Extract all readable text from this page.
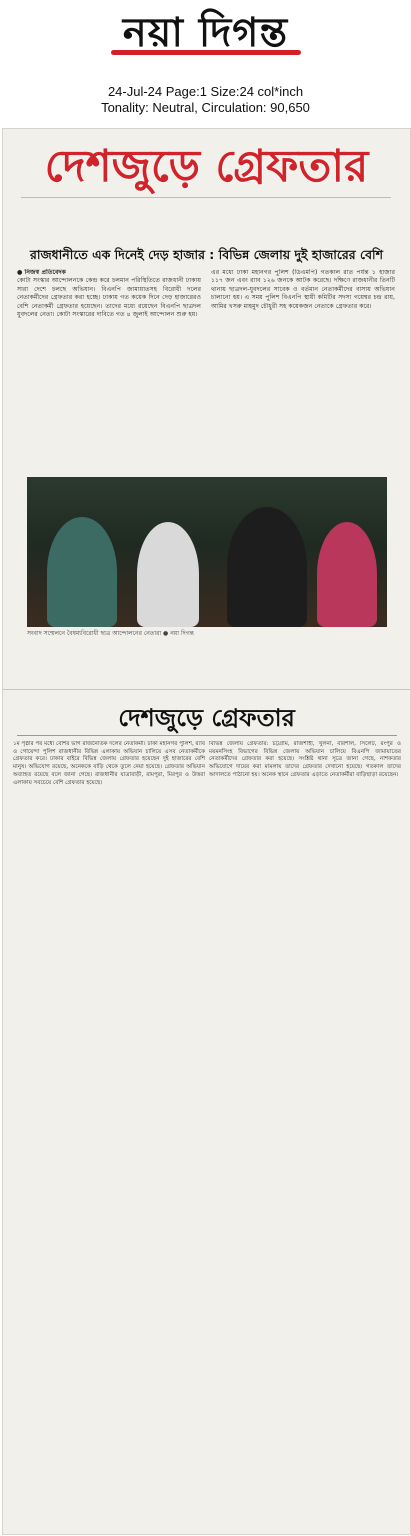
নয়া দিগন্ত
24-Jul-24 Page:1 Size:24 col*inch
Tonality: Neutral, Circulation: 90,650
দেশজুড়ে গ্রেফতার
রাজধানীতে এক দিনেই দেড় হাজার : বিভিন্ন জেলায় দুই হাজারের বেশি
● নিজস্ব প্রতিবেদক
কোটা সংস্কার আন্দোলনকে কেন্দ্র করে চলমান পরিস্থিতিতে রাজধানী ঢাকায় সারা দেশে চলছে অভিযান। বিএনপি জামায়াতসহ বিরোধী দলের নেতাকর্মীদের গ্রেফতার করা হচ্ছে। ঢাকায় গত কয়েক দিনে দেড় হাজারেরও বেশি নেতাকর্মী গ্রেফতার হয়েছেন। তাদের মধ্যে রয়েছেন বিএনপি ছাত্রদল যুবদলের নেতা। কোটা সংস্কারের দাবিতে গত ৪ জুলাই আন্দোলন শুরু হয়।
এর মধ্যে ঢাকা মহানগর পুলিশ (ডিএমপি) গতকাল রাত পর্যন্ত ১ হাজার ১১৭ জন এবং র‍্যাব ১২৬ জনকে আটক করেছে। দক্ষিণে রাজধানীর তিনটি থানায় ছাত্রদল-যুবদলের সাবেক ও বর্তমান নেতাকর্মীদের বাসায় অভিযান চালানো হয়। এ সময় পুলিশ বিএনপি স্থায়ী কমিটির সদস্য গয়েশ্বর চন্দ্র রায়, আমির খসরু মাহমুদ চৌধুরী সহ কয়েকজন নেতাকে গ্রেফতার করে।
সংবাদ সম্মেলনে বৈষম্যবিরোধী ছাত্র আন্দোলনের নেতারা ● নয়া দিগন্ত
দেশজুড়ে গ্রেফতার
১ম পৃষ্ঠার পর মধ্যে বেশির ভাগ রাজনৈতিক দলের নেতাকর্মী। ঢাকা মহানগর পুলিশ, র‍্যাব ও গোয়েন্দা পুলিশ রাজধানীর বিভিন্ন এলাকায় অভিযান চালিয়ে এসব নেতাকর্মীকে গ্রেফতার করে। ঢাকার বাইরে বিভিন্ন জেলায় গ্রেফতার হয়েছেন দুই হাজারের বেশি মানুষ। অভিযোগ রয়েছে, অনেককে বাড়ি থেকে তুলে নেয়া হয়েছে। গ্রেফতার অভিযান অব্যাহত রয়েছে বলে জানা গেছে। রাজধানীর যাত্রাবাড়ী, রামপুরা, মিরপুর ও উত্তরা এলাকায় সবচেয়ে বেশি গ্রেফতার হয়েছে।
বিভিন্ন জেলায় গ্রেফতার: চট্টগ্রাম, রাজশাহী, খুলনা, বরিশাল, সিলেট, রংপুর ও ময়মনসিংহ বিভাগের বিভিন্ন জেলায় অভিযান চালিয়ে বিএনপি জামায়াতের নেতাকর্মীদের গ্রেফতার করা হয়েছে। সংশ্লিষ্ট থানা সূত্রে জানা গেছে, নাশকতার অভিযোগে দায়ের করা মামলায় তাদের গ্রেফতার দেখানো হয়েছে। গতকাল তাদের আদালতে পাঠানো হয়। অনেক স্থানে গ্রেফতার এড়াতে নেতাকর্মীরা বাড়িছাড়া রয়েছেন।
